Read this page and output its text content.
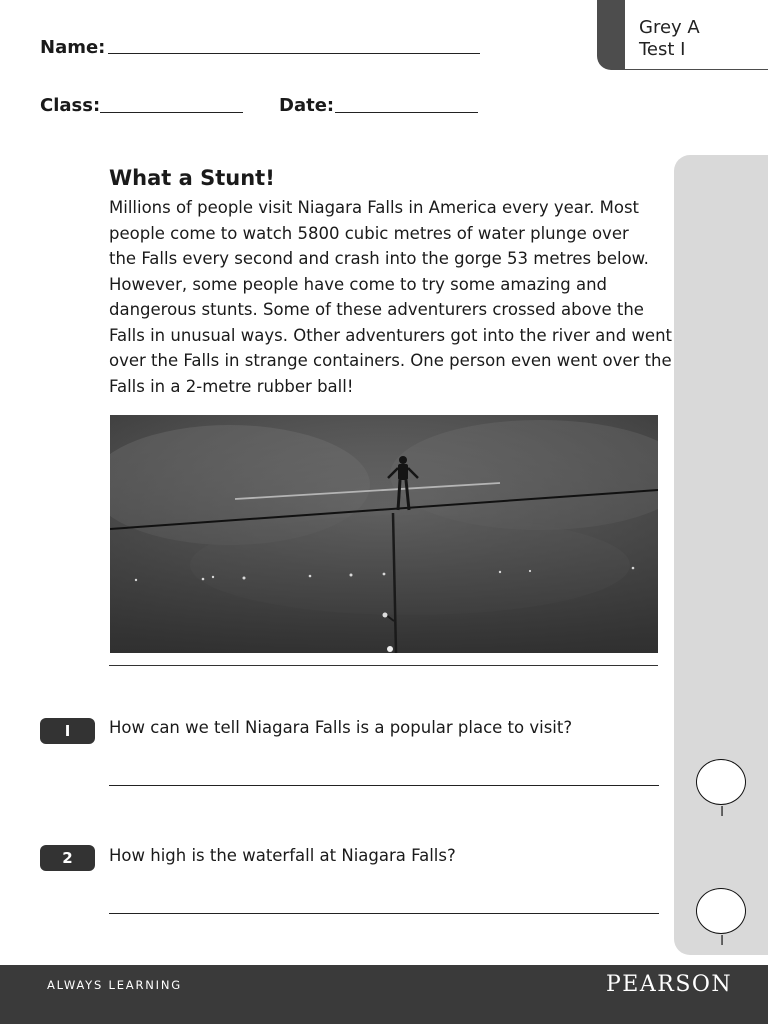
Grey A
Test I
Name:
Class:	Date:
I
I
What a Stunt!

Millions of people visit Niagara Falls in America every year. Most

people come to watch 5800 cubic metres of water plunge over

the Falls every second and crash into the gorge 53 metres below.

However, some people have come to try some amazing and

dangerous stunts. Some of these adventurers crossed above the

Falls in unusual ways. Other adventurers got into the river and went

over the Falls in strange containers. One person even went over the

Falls in a 2-metre rubber ball!

I	How can we tell Niagara Falls is a popular place to visit?
2	How high is the waterfall at Niagara Falls?
ALWAYS LEARNING	PEARSON
